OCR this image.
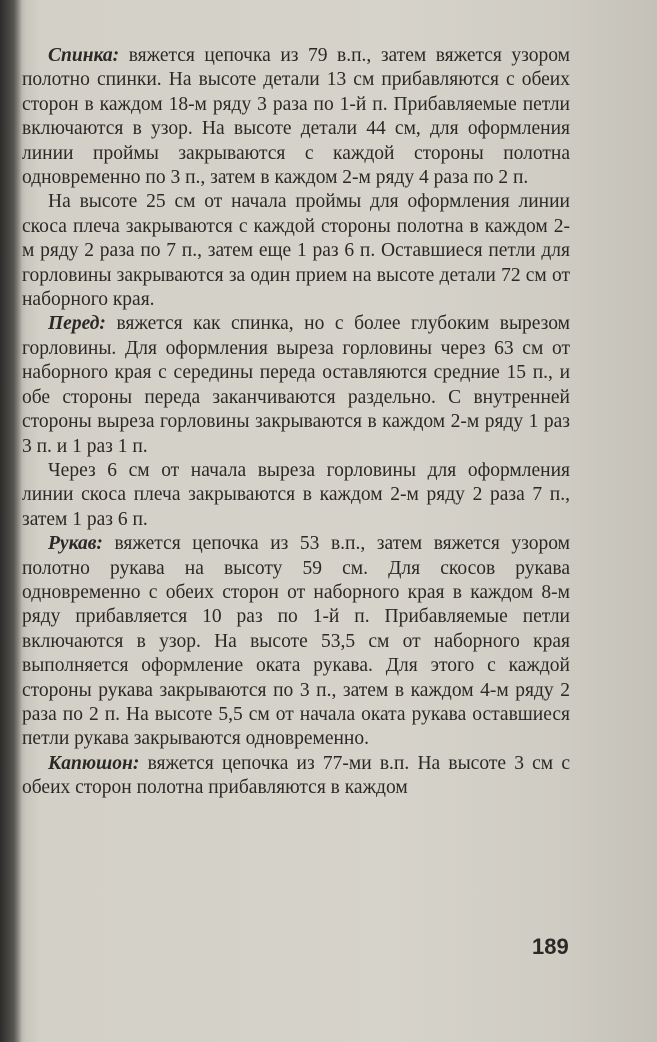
Спинка: вяжется цепочка из 79 в.п., затем вяжется узором полотно спинки. На высоте детали 13 см прибавляются с обеих сторон в каждом 18-м ряду 3 раза по 1-й п. Прибавляемые петли включаются в узор. На высоте детали 44 см, для оформления линии проймы закрываются с каждой стороны полотна одновременно по 3 п., затем в каждом 2-м ряду 4 раза по 2 п.

На высоте 25 см от начала проймы для оформления линии скоса плеча закрываются с каждой стороны полотна в каждом 2-м ряду 2 раза по 7 п., затем еще 1 раз 6 п. Оставшиеся петли для горловины закрываются за один прием на высоте детали 72 см от наборного края.

Перед: вяжется как спинка, но с более глубоким вырезом горловины. Для оформления выреза горловины через 63 см от наборного края с середины переда оставляются средние 15 п., и обе стороны переда заканчиваются раздельно. С внутренней стороны выреза горловины закрываются в каждом 2-м ряду 1 раз 3 п. и 1 раз 1 п.

Через 6 см от начала выреза горловины для оформления линии скоса плеча закрываются в каждом 2-м ряду 2 раза 7 п., затем 1 раз 6 п.

Рукав: вяжется цепочка из 53 в.п., затем вяжется узором полотно рукава на высоту 59 см. Для скосов рукава одновременно с обеих сторон от наборного края в каждом 8-м ряду прибавляется 10 раз по 1-й п. Прибавляемые петли включаются в узор. На высоте 53,5 см от наборного края выполняется оформление оката рукава. Для этого с каждой стороны рукава закрываются по 3 п., затем в каждом 4-м ряду 2 раза по 2 п. На высоте 5,5 см от начала оката рукава оставшиеся петли рукава закрываются одновременно.

Капюшон: вяжется цепочка из 77-ми в.п. На высоте 3 см с обеих сторон полотна прибавляются в каждом

189
